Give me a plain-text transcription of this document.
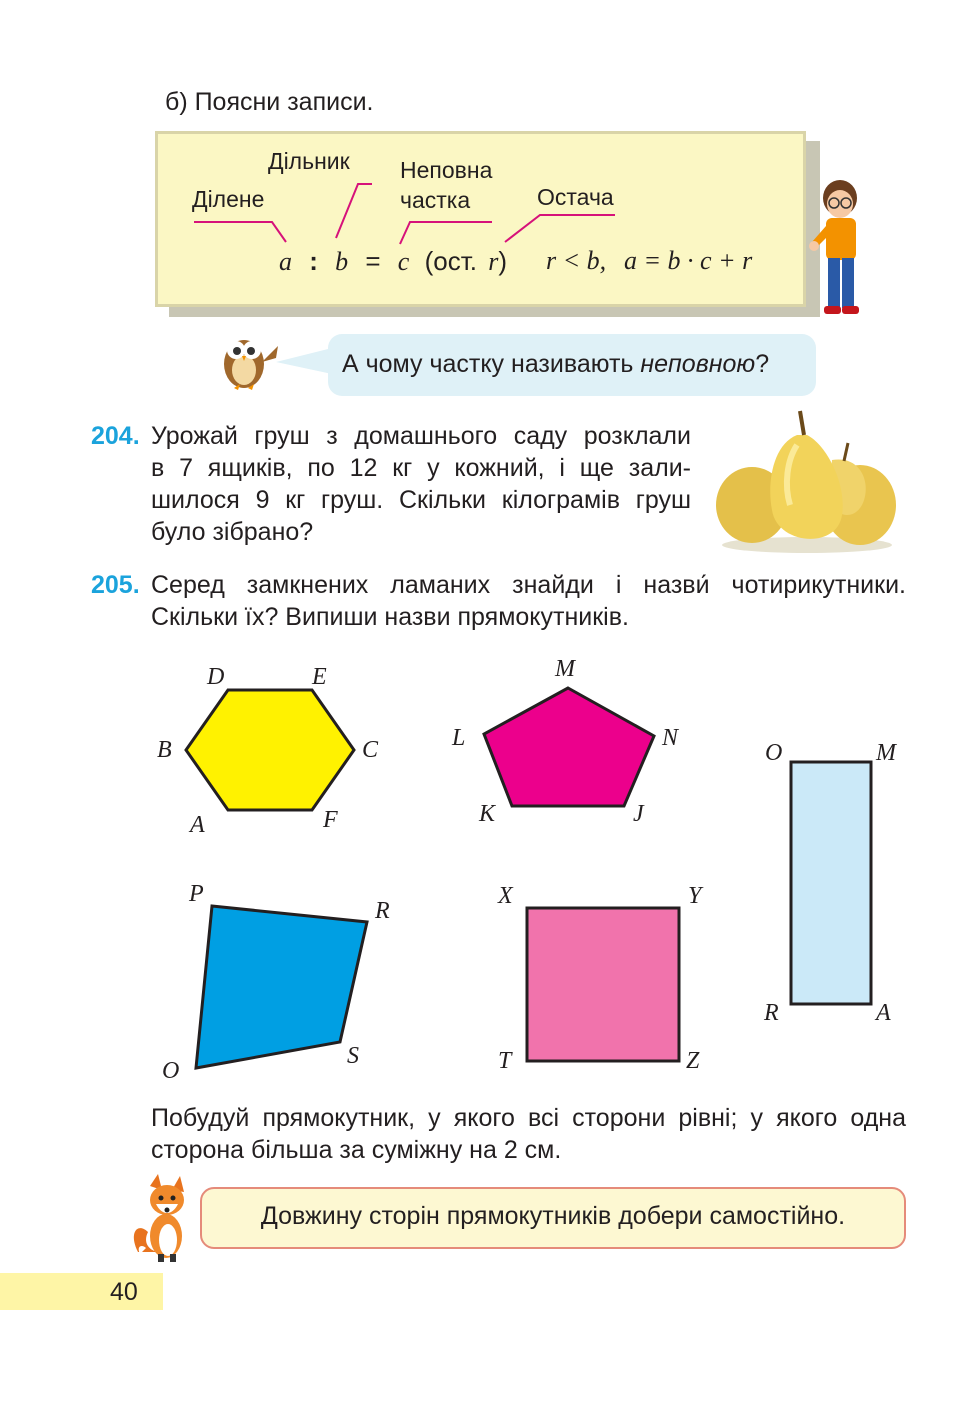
б) Поясни записи.
Дільник Неповна
частка
Ділене	Остача
a : b = c (ост. r) r < b, a = b · c + r
А чому частку називають неповною?
204. Урожай груш з домашнього саду розклали
в 7 ящиків, по 12 кг у кожний, і ще зали-
шилося 9 кг груш. Скільки кілограмів груш
було зібрано?
205. Серед замкнених ламаних знайди і назви́ чотирикутники.
Скільки їх? Випиши назви прямокутників.
D	E
B	C
A	F
M
L	N
K	J
O	M
R	A
P
R
O
S
X	Y
T	Z
Побудуй прямокутник, у якого всі сторони рівні; у якого одна
сторона більша за суміжну на 2 см.
Довжину сторін прямокутників добери самостійно.
40
